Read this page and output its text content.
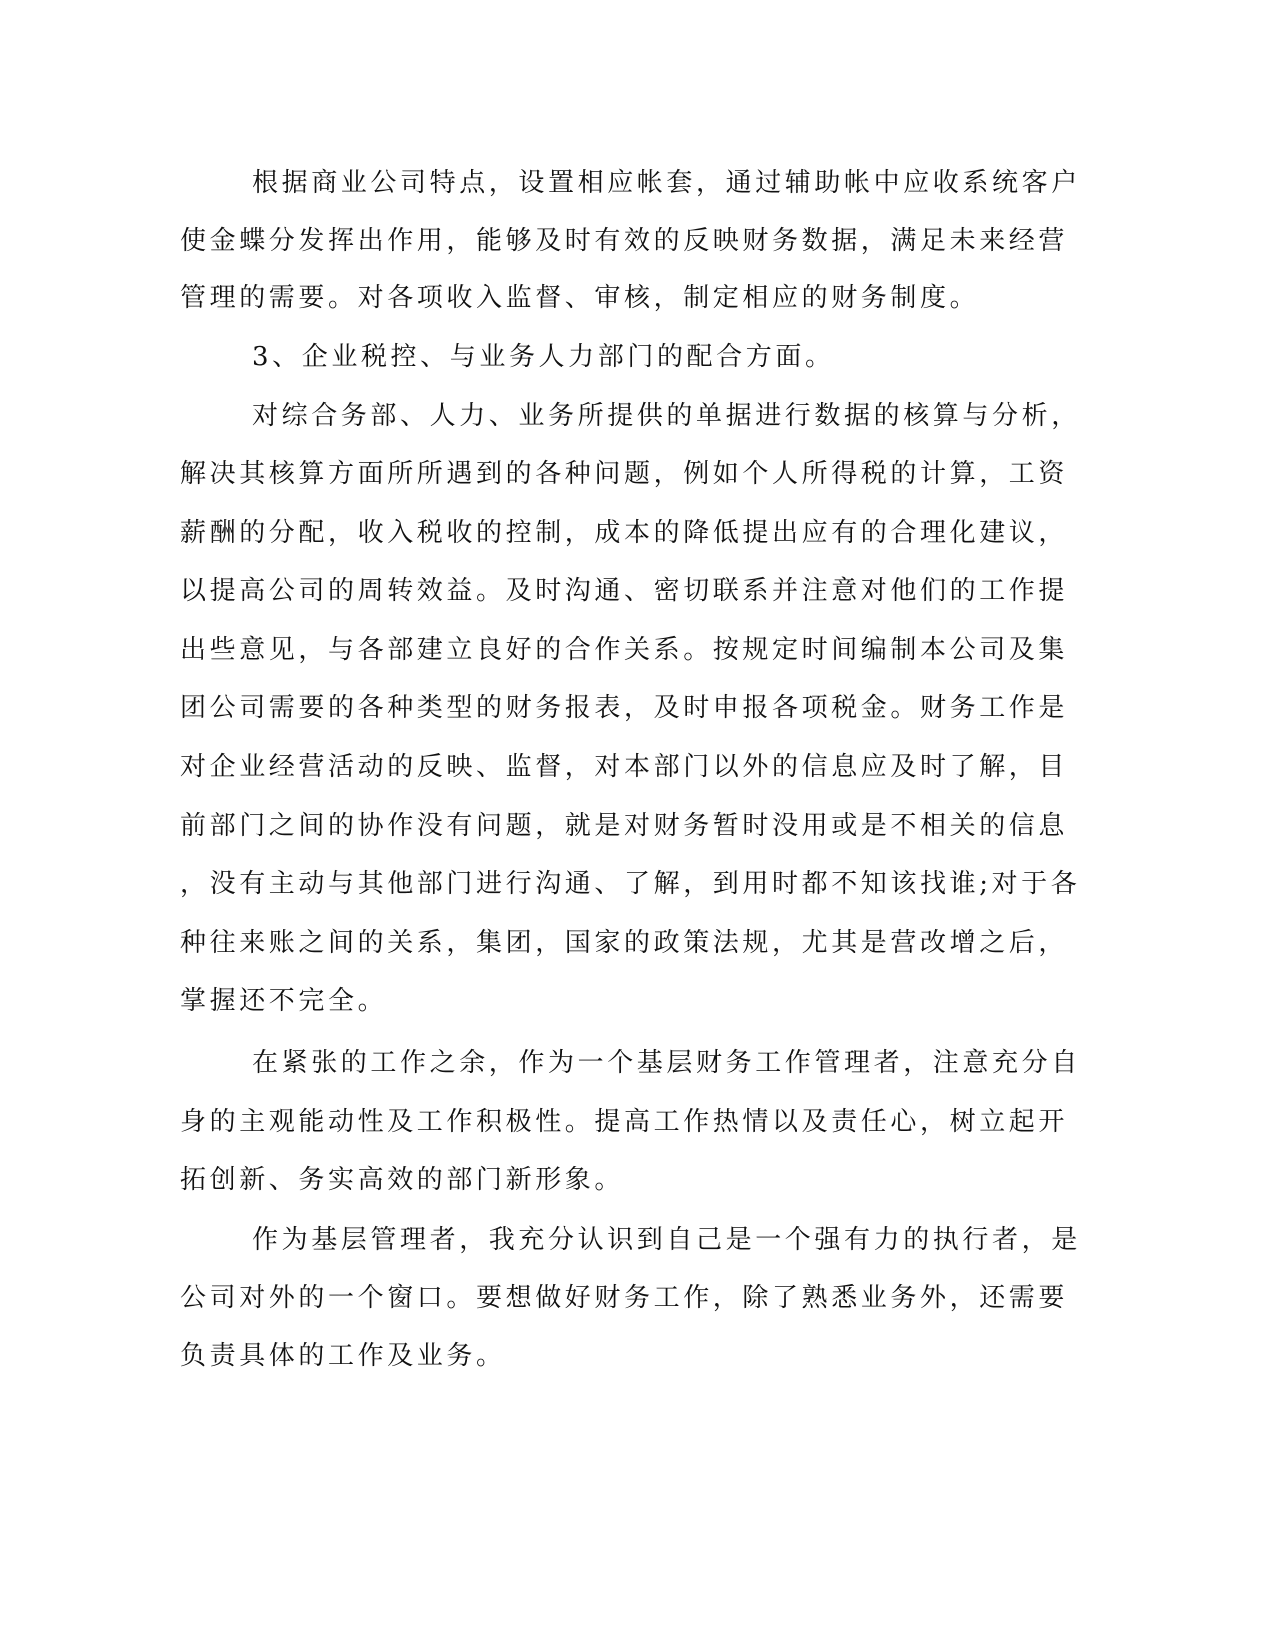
根据商业公司特点，设置相应帐套，通过辅助帐中应收系统客户
使金蝶分发挥出作用，能够及时有效的反映财务数据，满足未来经营
管理的需要。对各项收入监督、审核，制定相应的财务制度。
3、企业税控、与业务人力部门的配合方面。
对综合务部、人力、业务所提供的单据进行数据的核算与分析，
解决其核算方面所所遇到的各种问题，例如个人所得税的计算，工资
薪酬的分配，收入税收的控制，成本的降低提出应有的合理化建议，
以提高公司的周转效益。及时沟通、密切联系并注意对他们的工作提
出些意见，与各部建立良好的合作关系。按规定时间编制本公司及集
团公司需要的各种类型的财务报表，及时申报各项税金。财务工作是
对企业经营活动的反映、监督，对本部门以外的信息应及时了解，目
前部门之间的协作没有问题，就是对财务暂时没用或是不相关的信息
，没有主动与其他部门进行沟通、了解，到用时都不知该找谁;对于各
种往来账之间的关系，集团，国家的政策法规，尤其是营改增之后，
掌握还不完全。
在紧张的工作之余，作为一个基层财务工作管理者，注意充分自
身的主观能动性及工作积极性。提高工作热情以及责任心，树立起开
拓创新、务实高效的部门新形象。
作为基层管理者，我充分认识到自己是一个强有力的执行者，是
公司对外的一个窗口。要想做好财务工作，除了熟悉业务外，还需要
负责具体的工作及业务。
